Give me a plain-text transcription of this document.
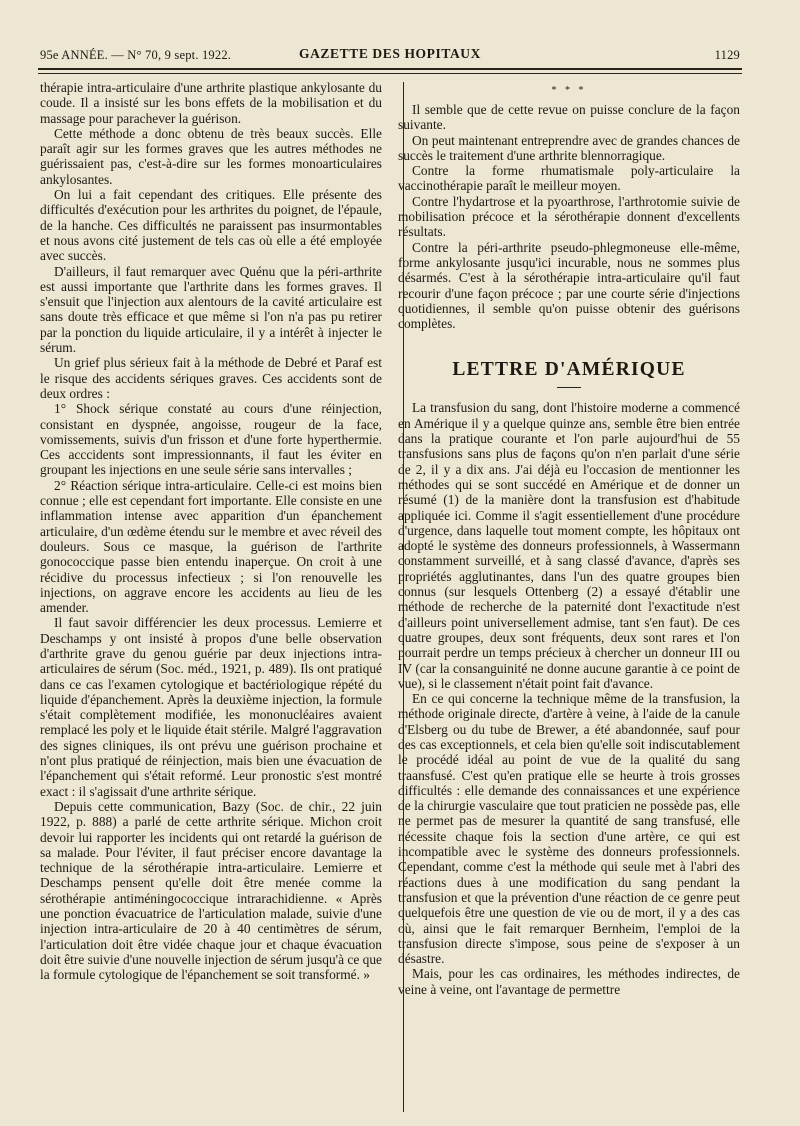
95e ANNÉE. — N° 70, 9 sept. 1922.	GAZETTE DES HOPITAUX	1129

thérapie intra-articulaire d'une arthrite plastique ankylosante du coude. Il a insisté sur les bons effets de la mobilisation et du massage pour parachever la guérison.

Cette méthode a donc obtenu de très beaux succès. Elle paraît agir sur les formes graves que les autres méthodes ne guérissaient pas, c'est-à-dire sur les formes monoarticulaires ankylosantes.

On lui a fait cependant des critiques. Elle présente des difficultés d'exécution pour les arthrites du poignet, de l'épaule, de la hanche. Ces difficultés ne paraissent pas insurmontables et nous avons cité justement de tels cas où elle a été employée avec succès.

D'ailleurs, il faut remarquer avec Quénu que la péri-arthrite est aussi importante que l'arthrite dans les formes graves. Il s'ensuit que l'injection aux alentours de la cavité articulaire est sans doute très efficace et que même si l'on n'a pas pu retirer par la ponction du liquide articulaire, il y a intérêt à injecter le sérum.

Un grief plus sérieux fait à la méthode de Debré et Paraf est le risque des accidents sériques graves. Ces accidents sont de deux ordres :

1° Shock sérique constaté au cours d'une réinjection, consistant en dyspnée, angoisse, rougeur de la face, vomissements, suivis d'un frisson et d'une forte hyperthermie. Ces acccidents sont impressionnants, il faut les éviter en groupant les injections en une seule série sans intervalles ;

2° Réaction sérique intra-articulaire. Celle-ci est moins bien connue ; elle est cependant fort importante. Elle consiste en une inflammation intense avec apparition d'un épanchement articulaire, d'un œdème étendu sur le membre et avec réveil des douleurs. Sous ce masque, la guérison de l'arthrite gonococcique passe bien entendu inaperçue. On croit à une récidive du processus infectieux ; si l'on renouvelle les injections, on aggrave encore les accidents au lieu de les amender.

Il faut savoir différencier les deux processus. Lemierre et Deschamps y ont insisté à propos d'une belle observation d'arthrite grave du genou guérie par deux injections intra-articulaires de sérum (Soc. méd., 1921, p. 489). Ils ont pratiqué dans ce cas l'examen cytologique et bactériologique répété du liquide d'épanchement. Après la deuxième injection, la formule s'était complètement modifiée, les mononucléaires avaient remplacé les poly et le liquide était stérile. Malgré l'aggravation des signes cliniques, ils ont prévu une guérison prochaine et n'ont plus pratiqué de réinjection, mais bien une évacuation de l'épanchement qui s'était reformé. Leur pronostic s'est montré exact : il s'agissait d'une arthrite sérique.

Depuis cette communication, Bazy (Soc. de chir., 22 juin 1922, p. 888) a parlé de cette arthrite sérique. Michon croit devoir lui rapporter les incidents qui ont retardé la guérison de sa malade. Pour l'éviter, il faut préciser encore davantage la technique de la sérothérapie intra-articulaire. Lemierre et Deschamps pensent qu'elle doit être menée comme la sérothérapie antiméningococcique intrarachidienne. « Après une ponction évacuatrice de l'articulation malade, suivie d'une injection intra-articulaire de 20 à 40 centimètres de sérum, l'articulation doit être vidée chaque jour et chaque évacuation doit être suivie d'une nouvelle injection de sérum jusqu'à ce que la formule cytologique de l'épanchement se soit transformé. »

* * *

Il semble que de cette revue on puisse conclure de la façon suivante.

On peut maintenant entreprendre avec de grandes chances de succès le traitement d'une arthrite blennorragique.

Contre la forme rhumatismale poly-articulaire la vaccinothérapie paraît le meilleur moyen.

Contre l'hydartrose et la pyoarthrose, l'arthrotomie suivie de mobilisation précoce et la sérothérapie donnent d'excellents résultats.

Contre la péri-arthrite pseudo-phlegmoneuse elle-même, forme ankylosante jusqu'ici incurable, nous ne sommes plus désarmés. C'est à la sérothérapie intra-articulaire qu'il faut recourir d'une façon précoce ; par une courte série d'injections quotidiennes, il semble qu'on puisse obtenir des guérisons complètes.

LETTRE D'AMÉRIQUE

La transfusion du sang, dont l'histoire moderne a commencé en Amérique il y a quelque quinze ans, semble être bien entrée dans la pratique courante et l'on parle aujourd'hui de 55 transfusions sans plus de façons qu'on n'en parlait d'une série de 2, il y a dix ans. J'ai déjà eu l'occasion de mentionner les méthodes qui se sont succédé en Amérique et de donner un résumé (1) de la manière dont la transfusion est d'habitude appliquée ici. Comme il s'agit essentiellement d'une procédure d'urgence, dans laquelle tout moment compte, les hôpitaux ont adopté le système des donneurs professionnels, à Wassermann constamment surveillé, et à sang classé d'avance, d'après ses propriétés agglutinantes, dans l'un des quatre groupes bien connus (sur lesquels Ottenberg (2) a essayé d'établir une méthode de recherche de la paternité dont l'exactitude n'est d'ailleurs point universellement admise, tant s'en faut). De ces quatre groupes, deux sont fréquents, deux sont rares et l'on pourrait perdre un temps précieux à chercher un donneur III ou IV (car la consanguinité ne donne aucune garantie à ce point de vue), si le classement n'était point fait d'avance.

En ce qui concerne la technique même de la transfusion, la méthode originale directe, d'artère à veine, à l'aide de la canule d'Elsberg ou du tube de Brewer, a été abandonnée, sauf pour des cas exceptionnels, et cela bien qu'elle soit indiscutablement le procédé idéal au point de vue de la qualité du sang traansfusé. C'est qu'en pratique elle se heurte à trois grosses difficultés : elle demande des connaissances et une expérience de la chirurgie vasculaire que tout praticien ne possède pas, elle ne permet pas de mesurer la quantité de sang transfusé, elle nécessite chaque fois la section d'une artère, ce qui est incompatible avec le système des donneurs professionnels. Cependant, comme c'est la méthode qui seule met à l'abri des réactions dues à une modification du sang pendant la transfusion et que la prévention d'une réaction de ce genre peut quelquefois être une question de vie ou de mort, il y a des cas où, ainsi que le fait remarquer Bernheim, l'emploi de la transfusion directe s'impose, sous peine de s'exposer à un désastre.

Mais, pour les cas ordinaires, les méthodes indirectes, de veine à veine, ont l'avantage de permettre
